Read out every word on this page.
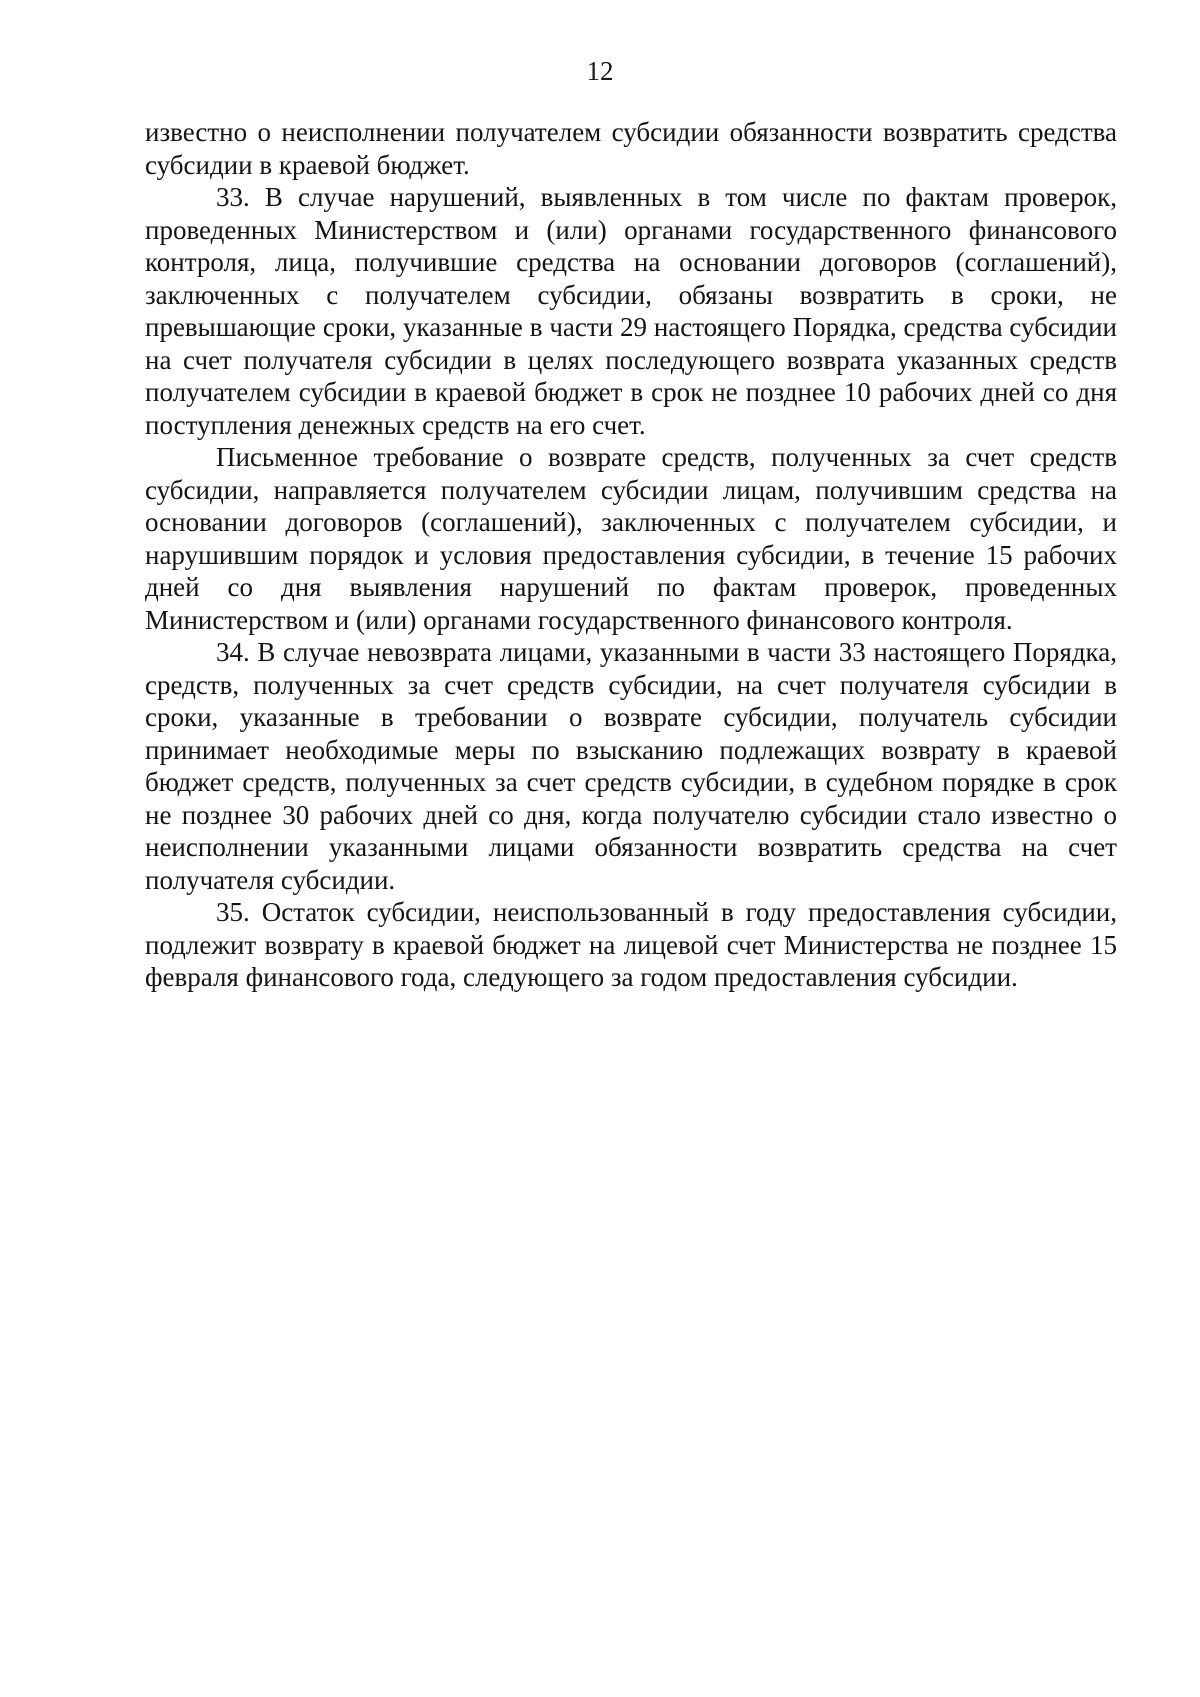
12

известно о неисполнении получателем субсидии обязанности возвратить средства субсидии в краевой бюджет.

33. В случае нарушений, выявленных в том числе по фактам проверок, проведенных Министерством и (или) органами государственного финансового контроля, лица, получившие средства на основании договоров (соглашений), заключенных с получателем субсидии, обязаны возвратить в сроки, не превышающие сроки, указанные в части 29 настоящего Порядка, средства субсидии на счет получателя субсидии в целях последующего возврата указанных средств получателем субсидии в краевой бюджет в срок не позднее 10 рабочих дней со дня поступления денежных средств на его счет.

Письменное требование о возврате средств, полученных за счет средств субсидии, направляется получателем субсидии лицам, получившим средства на основании договоров (соглашений), заключенных с получателем субсидии, и нарушившим порядок и условия предоставления субсидии, в течение 15 рабочих дней со дня выявления нарушений по фактам проверок, проведенных Министерством и (или) органами государственного финансового контроля.

34. В случае невозврата лицами, указанными в части 33 настоящего Порядка, средств, полученных за счет средств субсидии, на счет получателя субсидии в сроки, указанные в требовании о возврате субсидии, получатель субсидии принимает необходимые меры по взысканию подлежащих возврату в краевой бюджет средств, полученных за счет средств субсидии, в судебном порядке в срок не позднее 30 рабочих дней со дня, когда получателю субсидии стало известно о неисполнении указанными лицами обязанности возвратить средства на счет получателя субсидии.

35. Остаток субсидии, неиспользованный в году предоставления субсидии, подлежит возврату в краевой бюджет на лицевой счет Министерства не позднее 15 февраля финансового года, следующего за годом предоставления субсидии.
